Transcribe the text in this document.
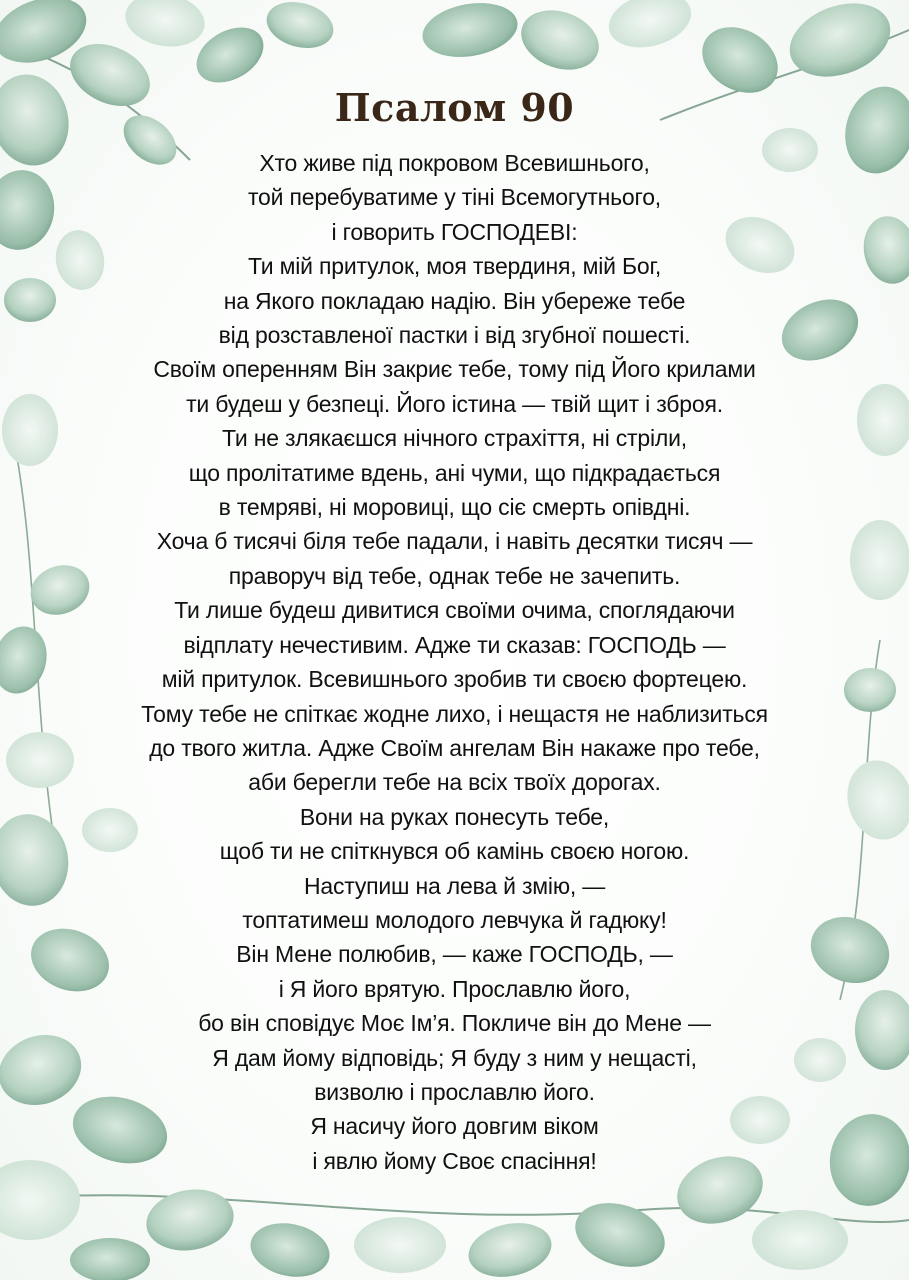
Псалом 90
Хто живе під покровом Всевишнього,
той перебуватиме у тіні Всемогутнього,
і говорить ГОСПОДЕВІ:
Ти мій притулок, моя твердиня, мій Бог,
на Якого покладаю надію. Він убереже тебе
від розставленої пастки і від згубної пошесті.
Своїм опеpенням Він закриє тебе, тому під Його крилами
ти будеш у безпеці. Його істина — твій щит і зброя.
Ти не злякаєшся нічного страхіття, ні стріли,
що пролітатиме вдень, ані чуми, що підкрадається
в темряві, ні моровиці, що сіє смерть опівдні.
Хоча б тисячі біля тебе падали, і навіть десятки тисяч —
праворуч від тебе, однак тебе не зачепить.
Ти лише будеш дивитися своїми очима, споглядаючи
відплату нечестивим. Адже ти сказав: ГОСПОДЬ —
мій притулок. Всевишнього зробив ти своєю фортецею.
Тому тебе не спіткає жодне лихо, і нещастя не наблизиться
до твого житла. Адже Своїм ангелам Він накаже про тебе,
аби берегли тебе на всіх твоїх дорогах.
Вони на руках понесуть тебе,
щоб ти не спіткнувся об камінь своєю ногою.
Наступиш на лева й змію, —
топтатимеш молодого левчука й гадюку!
Він Мене полюбив, — каже ГОСПОДЬ, —
і Я його врятую. Прославлю його,
бо він сповідує Моє Ім’я. Покличе він до Мене —
Я дам йому відповідь; Я буду з ним у нещасті,
визволю і прославлю його.
Я насичу його довгим віком
і явлю йому Своє спасіння!
